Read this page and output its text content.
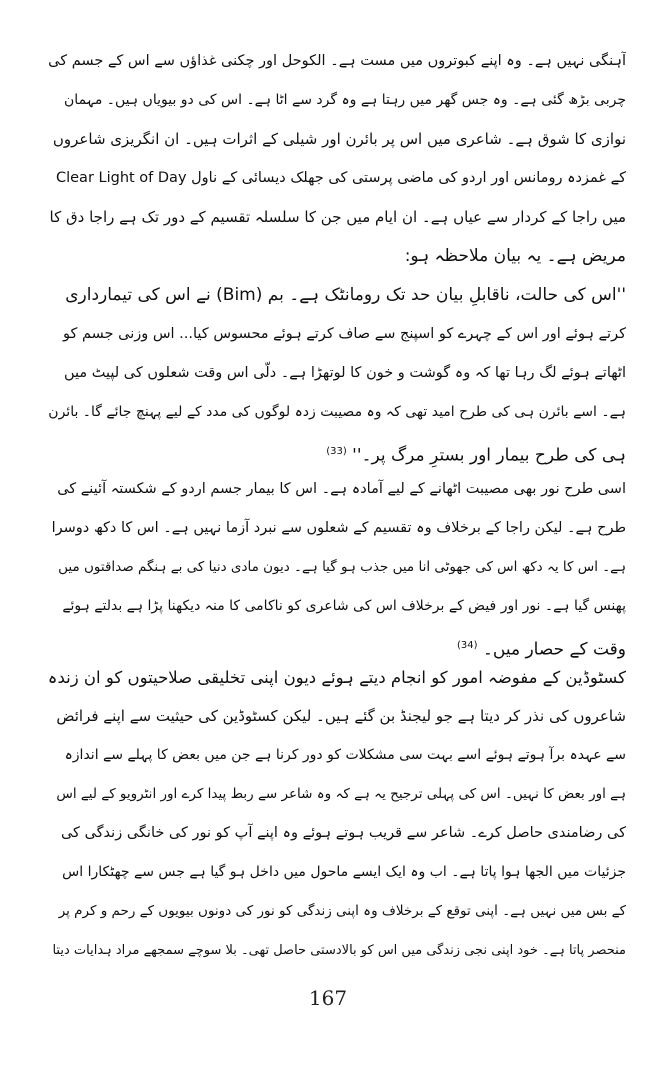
آہنگی نہیں ہے۔ وہ اپنے کبوتروں میں مست ہے۔ الکوحل اور چکنی غذاؤں سے اس کے جسم کی
چربی بڑھ گئی ہے۔ وہ جس گھر میں رہتا ہے وہ گرد سے اٹا ہے۔ اس کی دو بیویاں ہیں۔ مہمان
نوازی کا شوق ہے۔ شاعری میں اس پر بائرن اور شیلی کے اثرات ہیں۔ ان انگریزی شاعروں
کے غمزدہ رومانس اور اردو کی ماضی پرستی کی جھلک دیسائی کے ناول Clear Light of Day
میں راجا کے کردار سے عیاں ہے۔ ان ایام میں جن کا سلسلہ تقسیم کے دور تک ہے راجا دق کا
مریض ہے۔ یہ بیان ملاحظہ ہو:
''اس کی حالت، ناقابلِ بیان حد تک رومانٹک ہے۔ بم (Bim) نے اس کی تیمارداری
کرتے ہوئے اور اس کے چہرے کو اسپنج سے صاف کرتے ہوئے محسوس کیا... اس وزنی جسم کو
اٹھاتے ہوئے لگ رہا تھا کہ وہ گوشت و خون کا لوتھڑا ہے۔ دلّی اس وقت شعلوں کی لپیٹ میں
ہے۔ اسے بائرن ہی کی طرح امید تھی کہ وہ مصیبت زدہ لوگوں کی مدد کے لیے پہنچ جائے گا۔ بائرن
ہی کی طرح بیمار اور بسترِ مرگ پر۔'' $^{(33)}$
اسی طرح نور بھی مصیبت اٹھانے کے لیے آمادہ ہے۔ اس کا بیمار جسم اردو کے شکستہ آئینے کی
طرح ہے۔ لیکن راجا کے برخلاف وہ تقسیم کے شعلوں سے نبرد آزما نہیں ہے۔ اس کا دکھ دوسرا
ہے۔ اس کا یہ دکھ اس کی جھوٹی انا میں جذب ہو گیا ہے۔ دیون مادی دنیا کی بے ہنگم صداقتوں میں
پھنس گیا ہے۔ نور اور فیض کے برخلاف اس کی شاعری کو ناکامی کا منہ دیکھنا پڑا ہے بدلتے ہوئے
وقت کے حصار میں۔ $^{(34)}$
کسٹوڈین کے مفوضہ امور کو انجام دیتے ہوئے دیون اپنی تخلیقی صلاحیتوں کو ان زندہ
شاعروں کی نذر کر دیتا ہے جو لیجنڈ بن گئے ہیں۔ لیکن کسٹوڈین کی حیثیت سے اپنے فرائض
سے عہدہ برآ ہوتے ہوئے اسے بہت سی مشکلات کو دور کرنا ہے جن میں بعض کا پہلے سے اندازہ
ہے اور بعض کا نہیں۔ اس کی پہلی ترجیح یہ ہے کہ وہ شاعر سے ربط پیدا کرے اور انٹرویو کے لیے اس
کی رضامندی حاصل کرے۔ شاعر سے قریب ہوتے ہوئے وہ اپنے آپ کو نور کی خانگی زندگی کی
جزئیات میں الجھا ہوا پاتا ہے۔ اب وہ ایک ایسے ماحول میں داخل ہو گیا ہے جس سے چھٹکارا اس
کے بس میں نہیں ہے۔ اپنی توقع کے برخلاف وہ اپنی زندگی کو نور کی دونوں بیویوں کے رحم و کرم پر
منحصر پاتا ہے۔ خود اپنی نجی زندگی میں اس کو بالادستی حاصل تھی۔ بلا سوچے سمجھے مراد ہدایات دیتا
167
